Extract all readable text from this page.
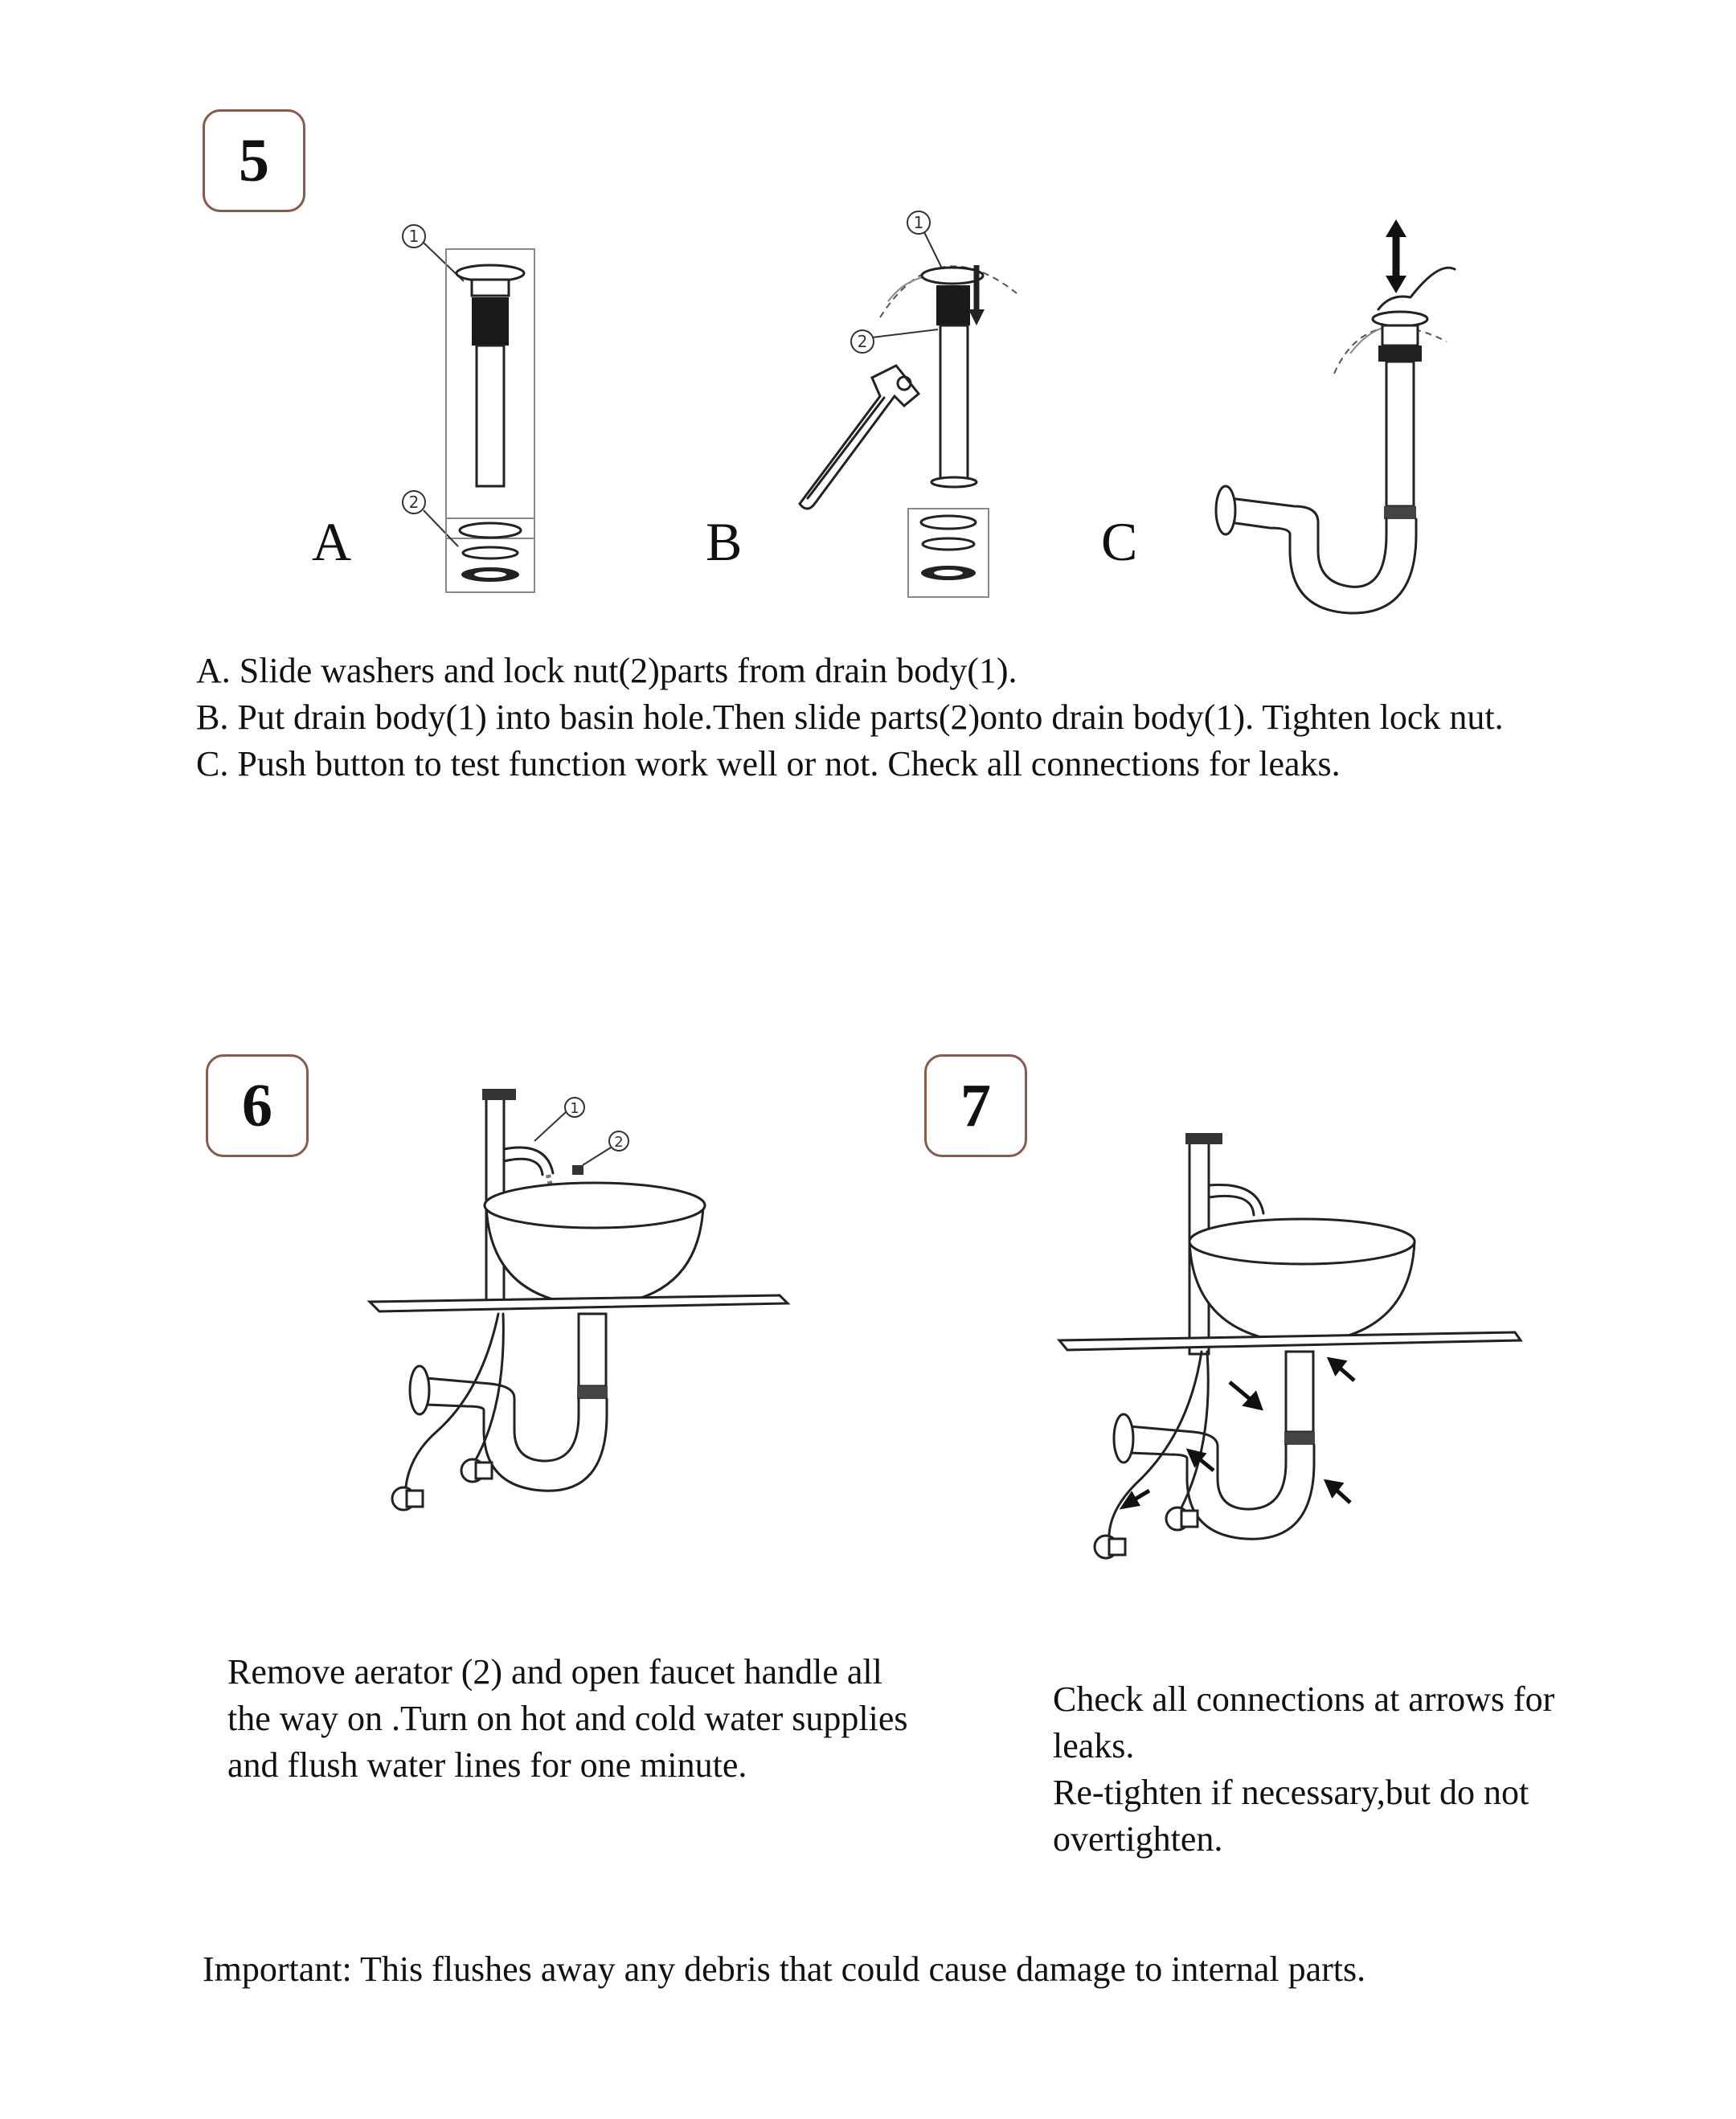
5
A	B	C
1
2
1
2

A. Slide washers and lock nut(2)parts from drain body(1).

B. Put drain body(1) into basin hole.Then slide parts(2)onto drain body(1). Tighten lock nut.

C. Push button to test function work well or not. Check all connections for leaks.

6	1
2
Remove aerator (2) and open faucet handle all the way on .Turn on hot and cold water supplies and flush water lines for one minute.
7

Check all connections at arrows for leaks.

Re-tighten if necessary,but do not overtighten.

Important: This flushes away any debris that could cause damage to internal parts.
